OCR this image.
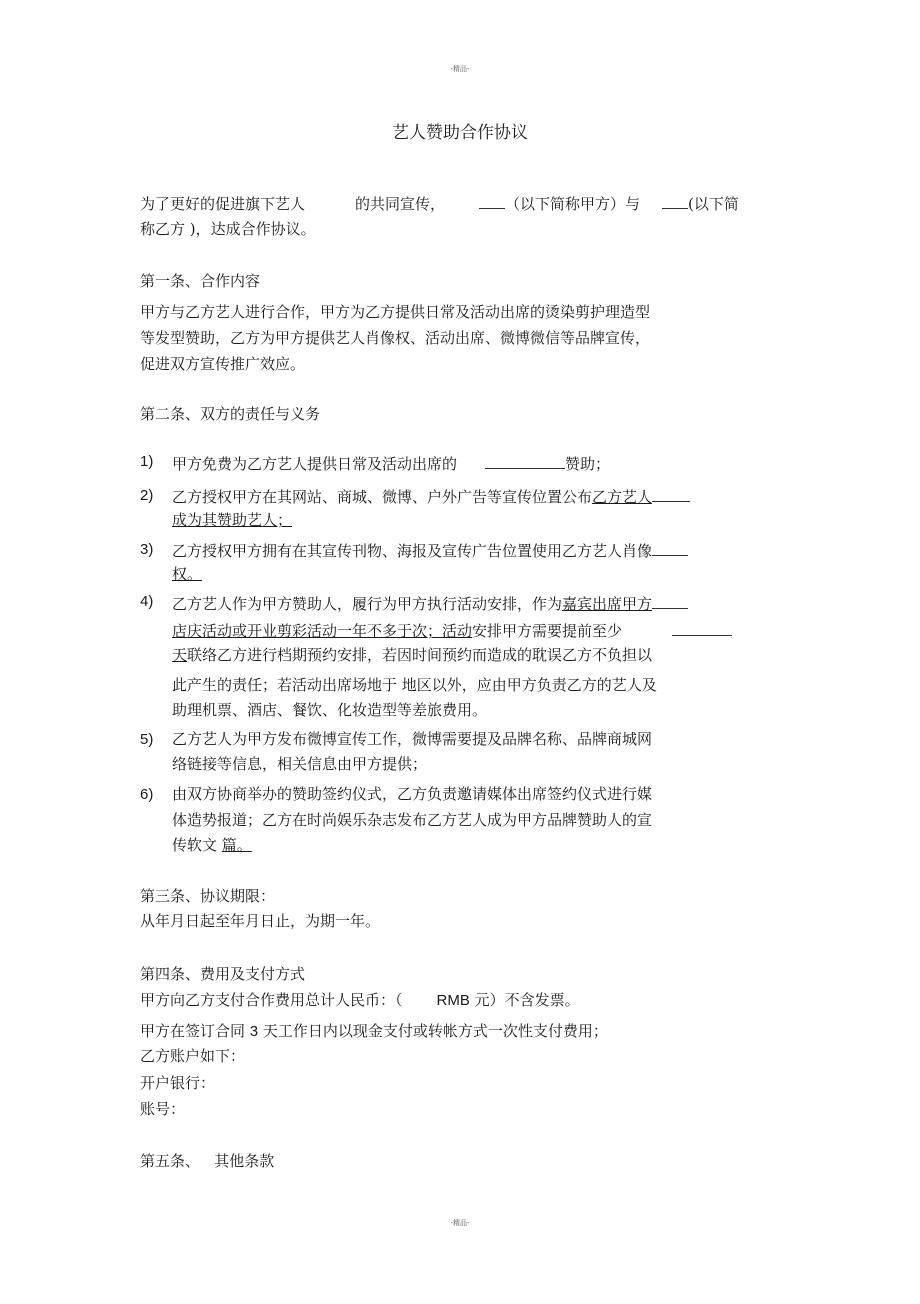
-精品-
艺人赞助合作协议
为了更好的促进旗下艺人	的共同宣传，	（以下简称甲方）与	(以下简
称乙方 )，达成合作协议。
第一条、合作内容
甲方与乙方艺人进行合作，甲方为乙方提供日常及活动出席的烫染剪护理造型
等发型赞助，乙方为甲方提供艺人肖像权、活动出席、微博微信等品牌宣传，
促进双方宣传推广效应。
第二条、双方的责任与义务
1) 甲方免费为乙方艺人提供日常及活动出席的	赞助；
2) 乙方授权甲方在其网站、商城、微博、户外广告等宣传位置公布乙方艺人
成为其赞助艺人；
3) 乙方授权甲方拥有在其宣传刊物、海报及宣传广告位置使用乙方艺人肖像
权。
4) 乙方艺人作为甲方赞助人，履行为甲方执行活动安排，作为嘉宾出席甲方
店庆活动或开业剪彩活动一年不多于次；活动安排甲方需要提前至少
天联络乙方进行档期预约安排，若因时间预约而造成的耽误乙方不负担以
此产生的责任；若活动出席场地于 地区以外，应由甲方负责乙方的艺人及
助理机票、酒店、餐饮、化妆造型等差旅费用。
5) 乙方艺人为甲方发布微博宣传工作，微博需要提及品牌名称、品牌商城网
络链接等信息，相关信息由甲方提供；
6) 由双方协商举办的赞助签约仪式，乙方负责邀请媒体出席签约仪式进行媒
体造势报道；乙方在时尚娱乐杂志发布乙方艺人成为甲方品牌赞助人的宣
传软文 篇。
第三条、协议期限：
从年月日起至年月日止，为期一年。
第四条、费用及支付方式
甲方向乙方支付合作费用总计人民币：（ RMB 元）不含发票。
甲方在签订合同 3 天工作日内以现金支付或转帐方式一次性支付费用；
乙方账户如下：
开户银行：
账号：
第五条、   其他条款
-精品-
